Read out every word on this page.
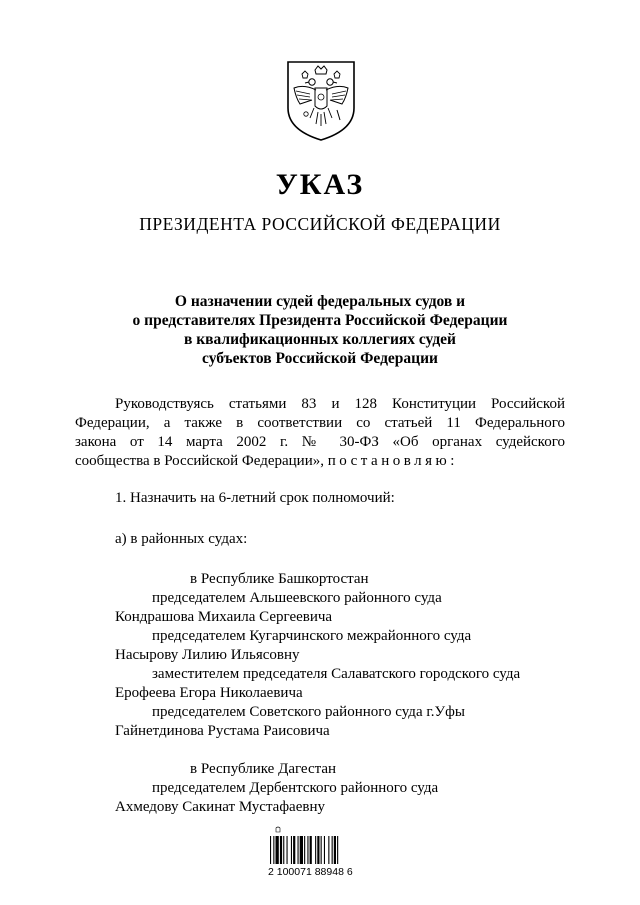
УКАЗ
ПРЕЗИДЕНТА РОССИЙСКОЙ ФЕДЕРАЦИИ
О назначении судей федеральных судов и
о представителях Президента Российской Федерации
в квалификационных коллегиях судей
субъектов Российской Федерации
Руководствуясь статьями 83 и 128 Конституции Российской
Федерации, а также в соответствии со статьей 11 Федерального
закона от 14 марта 2002 г. № 30-ФЗ «Об органах судейского
сообщества в Российской Федерации», постановляю:
1. Назначить на 6-летний срок полномочий:
а) в районных судах:
в Республике Башкортостан
председателем Альшеевского районного суда
Кондрашова Михаила Сергеевича
председателем Кугарчинского межрайонного суда
Насырову Лилию Ильясовну
заместителем председателя Салаватского городского суда
Ерофеева Егора Николаевича
председателем Советского районного суда г.Уфы
Гайнетдинова Рустама Раисовича
в Республике Дагестан
председателем Дербентского районного суда
Ахмедову Сакинат Мустафаевну
2 100071 88948 6
